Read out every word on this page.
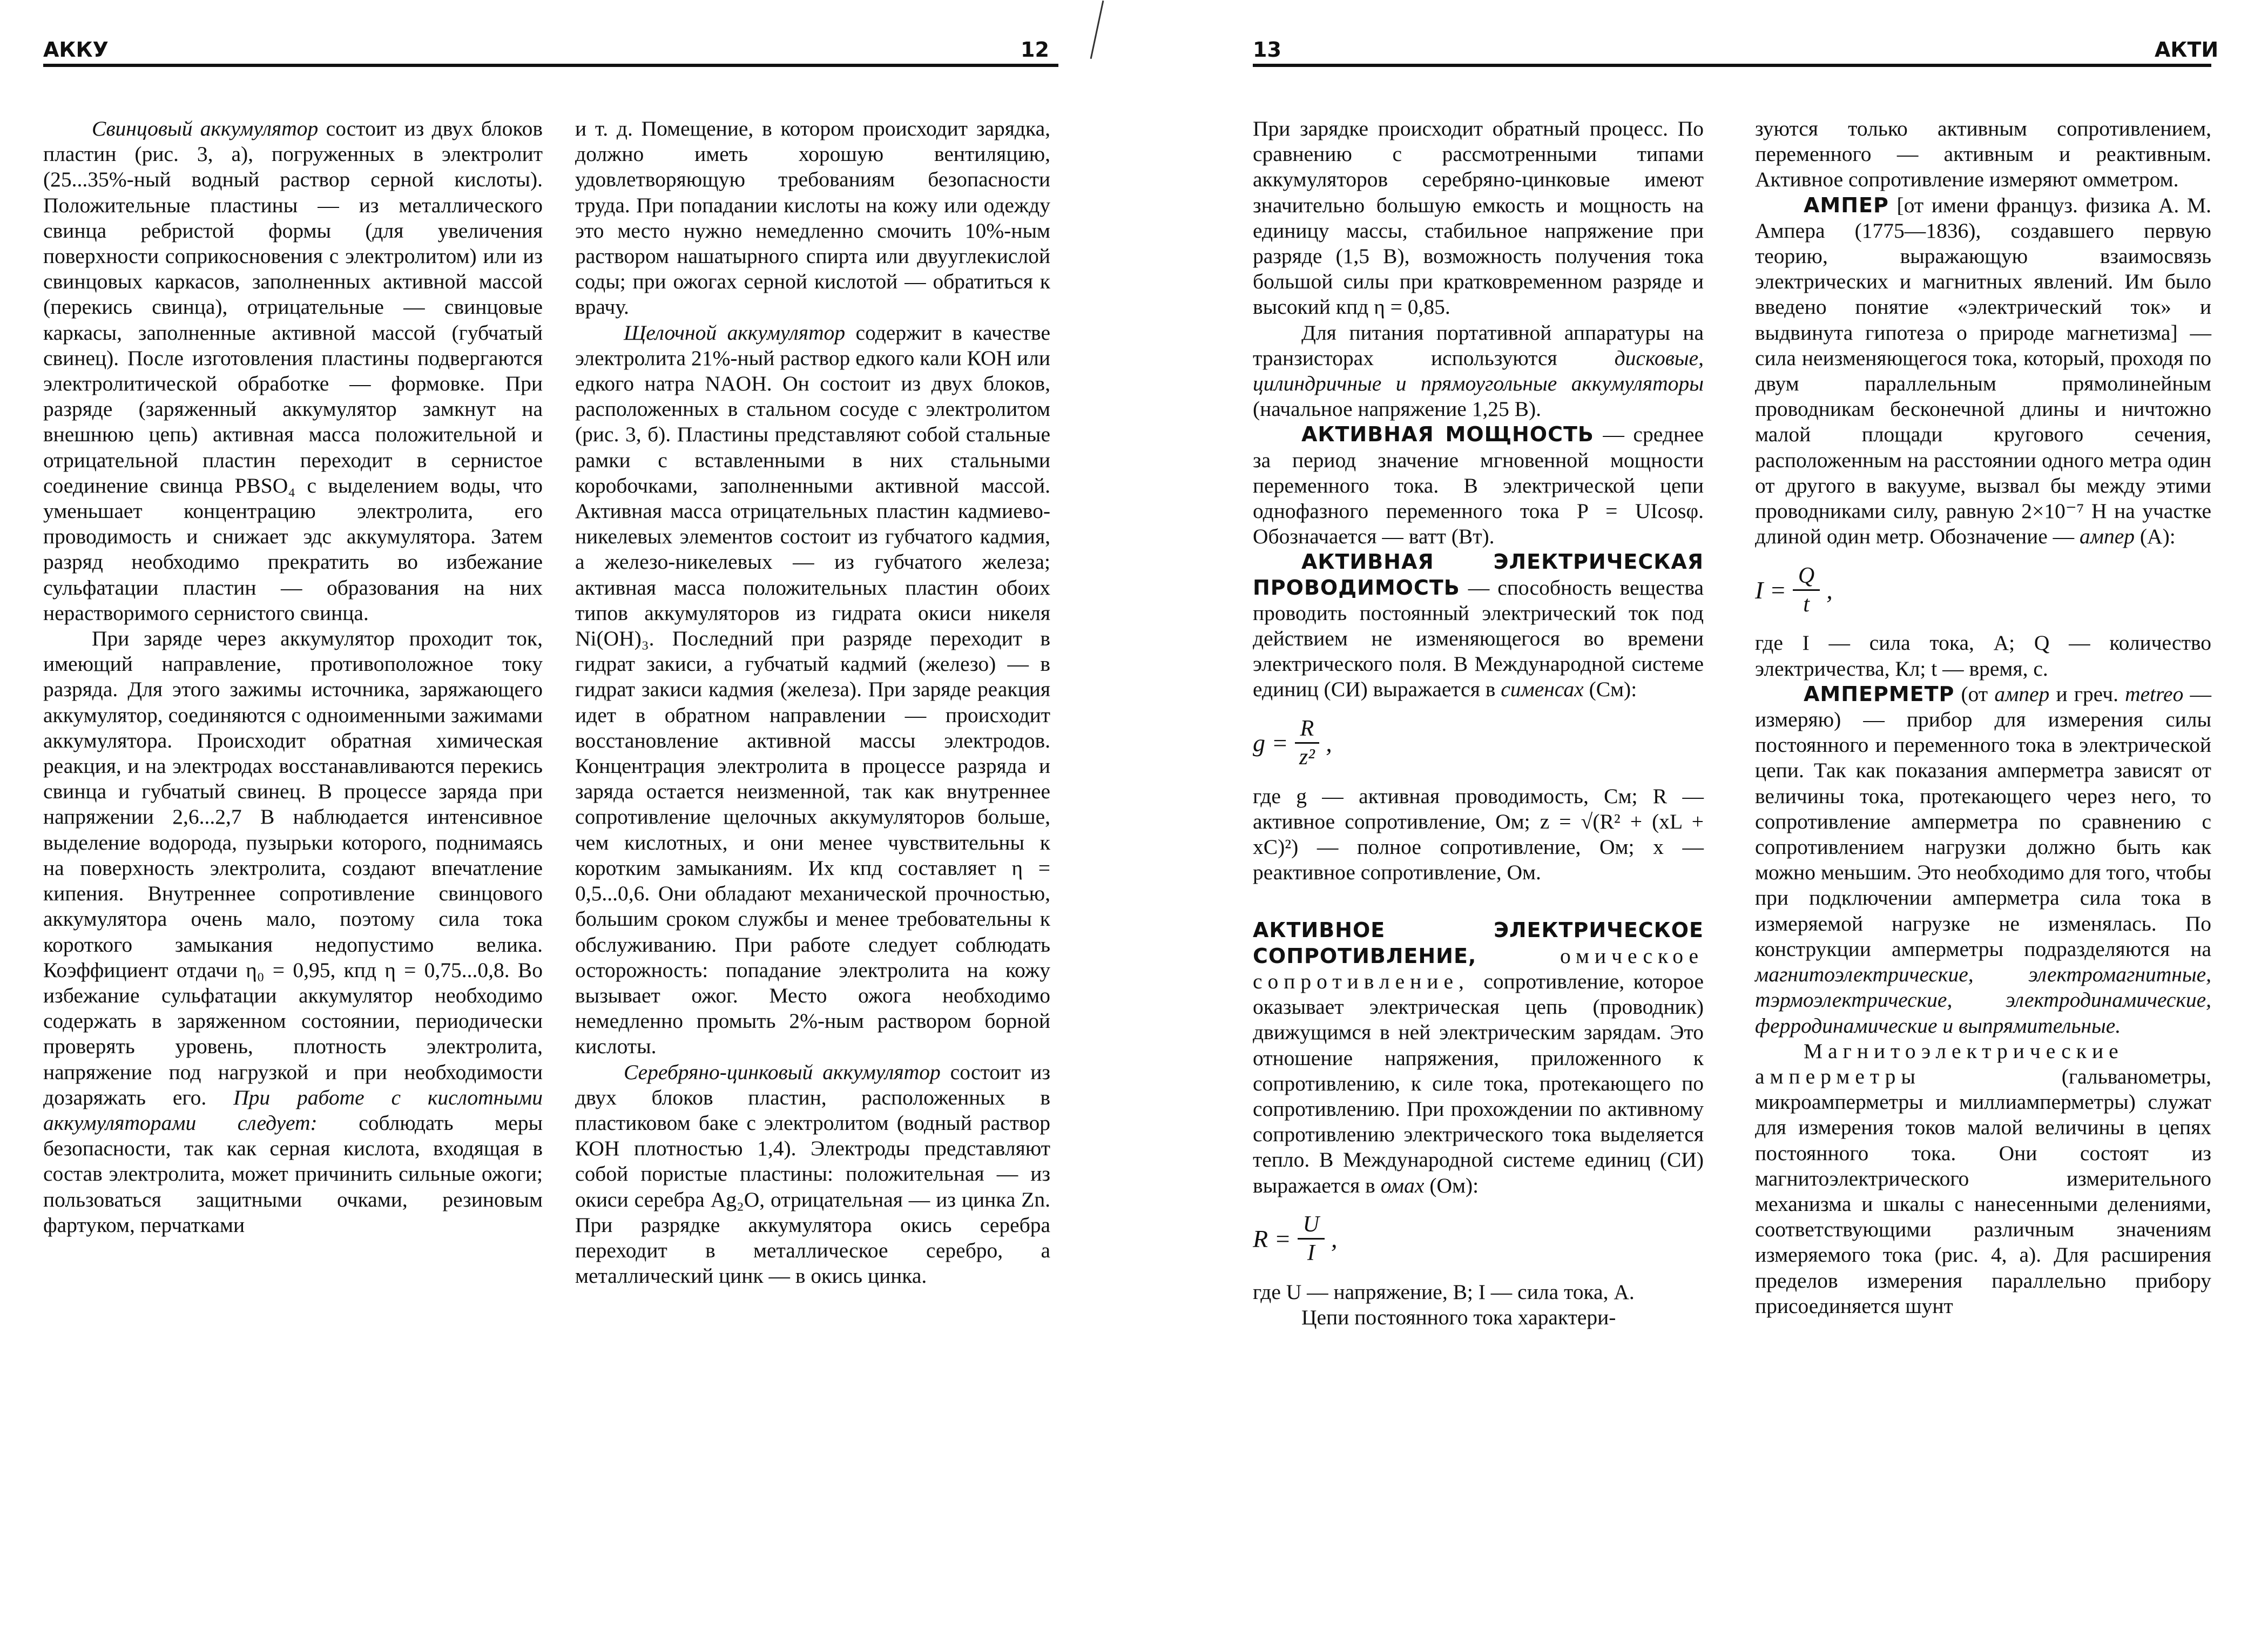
АККУ	12	13	АКТИ

Свинцовый аккумулятор состоит из двух блоков пластин (рис. 3, а), погруженных в электролит (25...35%-ный водный раствор серной кислоты). Положительные пластины — из металлического свинца ребристой формы (для увеличения поверхности соприкосновения с электролитом) или из свинцовых каркасов, заполненных активной массой (перекись свинца), отрицательные — свинцовые каркасы, заполненные активной массой (губчатый свинец). После изготовления пластины подвергаются электролитической обработке — формовке. При разряде (заряженный аккумулятор замкнут на внешнюю цепь) активная масса положительной и отрицательной пластин переходит в сернистое соединение свинца PBSO₄ с выделением воды, что уменьшает концентрацию электролита, его проводимость и снижает эдс аккумулятора. Затем разряд необходимо прекратить во избежание сульфатации пластин — образования на них нерастворимого сернистого свинца.

При заряде через аккумулятор проходит ток, имеющий направление, противоположное току разряда. Для этого зажимы источника, заряжающего аккумулятор, соединяются с одноименными зажимами аккумулятора. Происходит обратная химическая реакция, и на электродах восстанавливаются перекись свинца и губчатый свинец. В процессе заряда при напряжении 2,6...2,7 В наблюдается интенсивное выделение водорода, пузырьки которого, поднимаясь на поверхность электролита, создают впечатление кипения. Внутреннее сопротивление свинцового аккумулятора очень мало, поэтому сила тока короткого замыкания недопустимо велика. Коэффициент отдачи η₀ = 0,95, кпд η = 0,75...0,8. Во избежание сульфатации аккумулятор необходимо содержать в заряженном состоянии, периодически проверять уровень, плотность электролита, напряжение под нагрузкой и при необходимости дозаряжать его. При работе с кислотными аккумуляторами следует: соблюдать меры безопасности, так как серная кислота, входящая в состав электролита, может причинить сильные ожоги; пользоваться защитными очками, резиновым фартуком, перчатками

и т. д. Помещение, в котором происходит зарядка, должно иметь хорошую вентиляцию, удовлетворяющую требованиям безопасности труда. При попадании кислоты на кожу или одежду это место нужно немедленно смочить 10%-ным раствором нашатырного спирта или двууглекислой соды; при ожогах серной кислотой — обратиться к врачу.

Щелочной аккумулятор содержит в качестве электролита 21%-ный раствор едкого кали КОН или едкого натра NAOH. Он состоит из двух блоков, расположенных в стальном сосуде с электролитом (рис. 3, б). Пластины представляют собой стальные рамки с вставленными в них стальными коробочками, заполненными активной массой. Активная масса отрицательных пластин кадмиево-никелевых элементов состоит из губчатого кадмия, а железо-никелевых — из губчатого железа; активная масса положительных пластин обоих типов аккумуляторов из гидрата окиси никеля Ni(OH)₃. Последний при разряде переходит в гидрат закиси, а губчатый кадмий (железо) — в гидрат закиси кадмия (железа). При заряде реакция идет в обратном направлении — происходит восстановление активной массы электродов. Концентрация электролита в процессе разряда и заряда остается неизменной, так как внутреннее сопротивление щелочных аккумуляторов больше, чем кислотных, и они менее чувствительны к коротким замыканиям. Их кпд составляет η = 0,5...0,6. Они обладают механической прочностью, большим сроком службы и менее требовательны к обслуживанию. При работе следует соблюдать осторожность: попадание электролита на кожу вызывает ожог. Место ожога необходимо немедленно промыть 2%-ным раствором борной кислоты.

Серебряно-цинковый аккумулятор состоит из двух блоков пластин, расположенных в пластиковом баке с электролитом (водный раствор КОН плотностью 1,4). Электроды представляют собой пористые пластины: положительная — из окиси серебра Ag₂O, отрицательная — из цинка Zn. При разрядке аккумулятора окись серебра переходит в металлическое серебро, а металлический цинк — в окись цинка.

При зарядке происходит обратный процесс. По сравнению с рассмотренными типами аккумуляторов серебряно-цинковые имеют значительно большую емкость и мощность на единицу массы, стабильное напряжение при разряде (1,5 В), возможность получения тока большой силы при кратковременном разряде и высокий кпд η = 0,85.

Для питания портативной аппаратуры на транзисторах используются дисковые, цилиндричные и прямоугольные аккумуляторы (начальное напряжение 1,25 В).

АКТИВНАЯ МОЩНОСТЬ — среднее за период значение мгновенной мощности переменного тока. В электрической цепи однофазного переменного тока P = UIcosφ. Обозначается — ватт (Вт).

АКТИВНАЯ ЭЛЕКТРИЧЕСКАЯ ПРОВОДИМОСТЬ — способность вещества проводить постоянный электрический ток под действием не изменяющегося во времени электрического поля. В Международной системе единиц (СИ) выражается в сименсах (См):

$g = \frac{R}{\text{z²}}$ ,

где g — активная проводимость, См; R — активное сопротивление, Ом; z = √(R² + (xL + xC)²) — полное сопротивление, Ом; x — реактивное сопротивление, Ом.

АКТИВНОЕ ЭЛЕКТРИЧЕСКОЕ СОПРОТИВЛЕНИЕ, омическое сопротивление, сопротивление, которое оказывает электрическая цепь (проводник) движущимся в ней электрическим зарядам. Это отношение напряжения, приложенного к сопротивлению, к силе тока, протекающего по сопротивлению. При прохождении по активному сопротивлению электрического тока выделяется тепло. В Международной системе единиц (СИ) выражается в омах (Ом):

$R = \frac{U}{I}$ ,

где U — напряжение, В; I — сила тока, А.

Цепи постоянного тока характери-

зуются только активным сопротивлением, переменного — активным и реактивным. Активное сопротивление измеряют омметром.

АМПЕР [от имени француз. физика А. М. Ампера (1775—1836), создавшего первую теорию, выражающую взаимосвязь электрических и магнитных явлений. Им было введено понятие «электрический ток» и выдвинута гипотеза о природе магнетизма] — сила неизменяющегося тока, который, проходя по двум параллельным прямолинейным проводникам бесконечной длины и ничтожно малой площади кругового сечения, расположенным на расстоянии одного метра один от другого в вакууме, вызвал бы между этими проводниками силу, равную 2×10⁻⁷ Н на участке длиной один метр. Обозначение — ампер (А):

$I = \frac{Q}{t}$ ,

где I — сила тока, А; Q — количество электричества, Кл; t — время, с.

АМПЕРМЕТР (от ампер и греч. metreo — измеряю) — прибор для измерения силы постоянного и переменного тока в электрической цепи. Так как показания амперметра зависят от величины тока, протекающего через него, то сопротивление амперметра по сравнению с сопротивлением нагрузки должно быть как можно меньшим. Это необходимо для того, чтобы при подключении амперметра сила тока в измеряемой нагрузке не изменялась. По конструкции амперметры подразделяются на магнитоэлектрические, электромагнитные, тэрмоэлектрические, электродинамические, ферродинамические и выпрямительные.

Магнитоэлектрические амперметры (гальванометры, микроамперметры и миллиамперметры) служат для измерения токов малой величины в цепях постоянного тока. Они состоят из магнитоэлектрического измерительного механизма и шкалы с нанесенными делениями, соответствующими различным значениям измеряемого тока (рис. 4, а). Для расширения пределов измерения параллельно прибору присоединяется шунт
